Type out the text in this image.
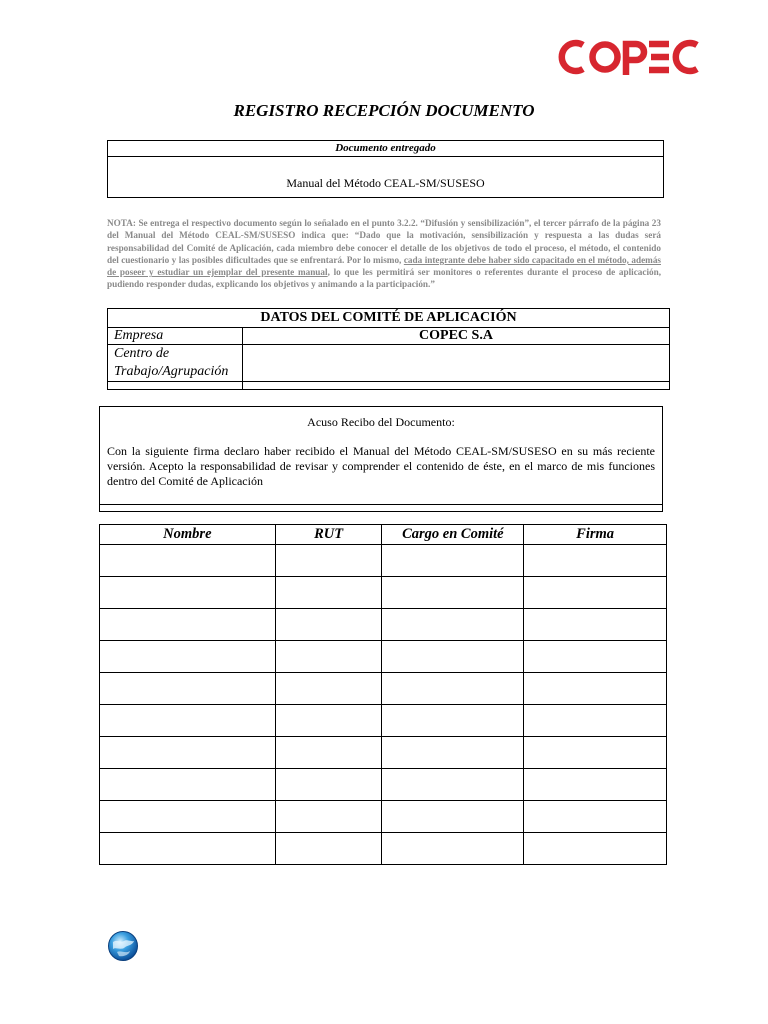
REGISTRO RECEPCIÓN DOCUMENTO
Documento entregado
Manual del Método CEAL-SM/SUSESO
NOTA: Se entrega el respectivo documento según lo señalado en el punto 3.2.2. “Difusión y sensibilización”, el tercer párrafo de la página 23 del Manual del Método CEAL-SM/SUSESO indica que: “Dado que la motivación, sensibilización y respuesta a las dudas será responsabilidad del Comité de Aplicación, cada miembro debe conocer el detalle de los objetivos de todo el proceso, el método, el contenido del cuestionario y las posibles dificultades que se enfrentará. Por lo mismo, cada integrante debe haber sido capacitado en el método, además de poseer y estudiar un ejemplar del presente manual, lo que les permitirá ser monitores o referentes durante el proceso de aplicación, pudiendo responder dudas, explicando los objetivos y animando a la participación.”
DATOS DEL COMITÉ DE APLICACIÓN	
Empresa	COPEC S.A
Centro de Trabajo/Agrupación	

Acuso Recibo del Documento:
Con la siguiente firma declaro haber recibido el Manual del Método CEAL-SM/SUSESO en su más reciente versión. Acepto la responsabilidad de revisar y comprender el contenido de éste, en el marco de mis funciones dentro del Comité de Aplicación
Nombre	RUT	Cargo en Comité	Firma
